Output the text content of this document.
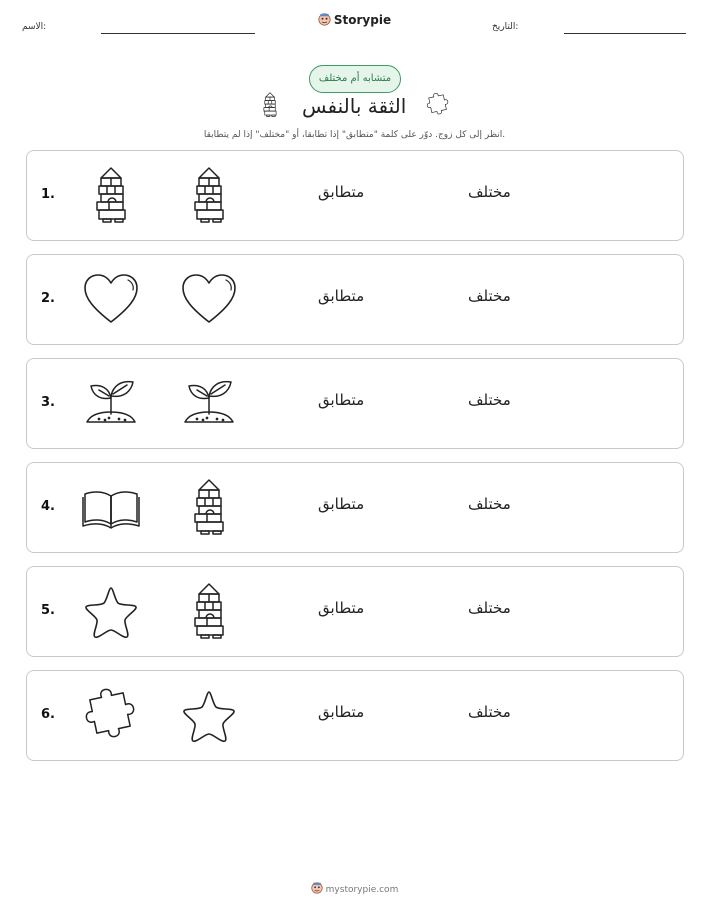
الاسم:	Storypie	التاريخ:
متشابه أم مختلف
الثقة بالنفس
انظر إلى كل زوج. دوّر على كلمة "متطابق" إذا تطابقا، أو "مختلف" إذا لم يتطابقا.
1.	متطابق	مختلف
2.	متطابق	مختلف
3.	متطابق	مختلف
4.	متطابق	مختلف
5.	متطابق	مختلف
6.	متطابق	مختلف
mystorypie.com
